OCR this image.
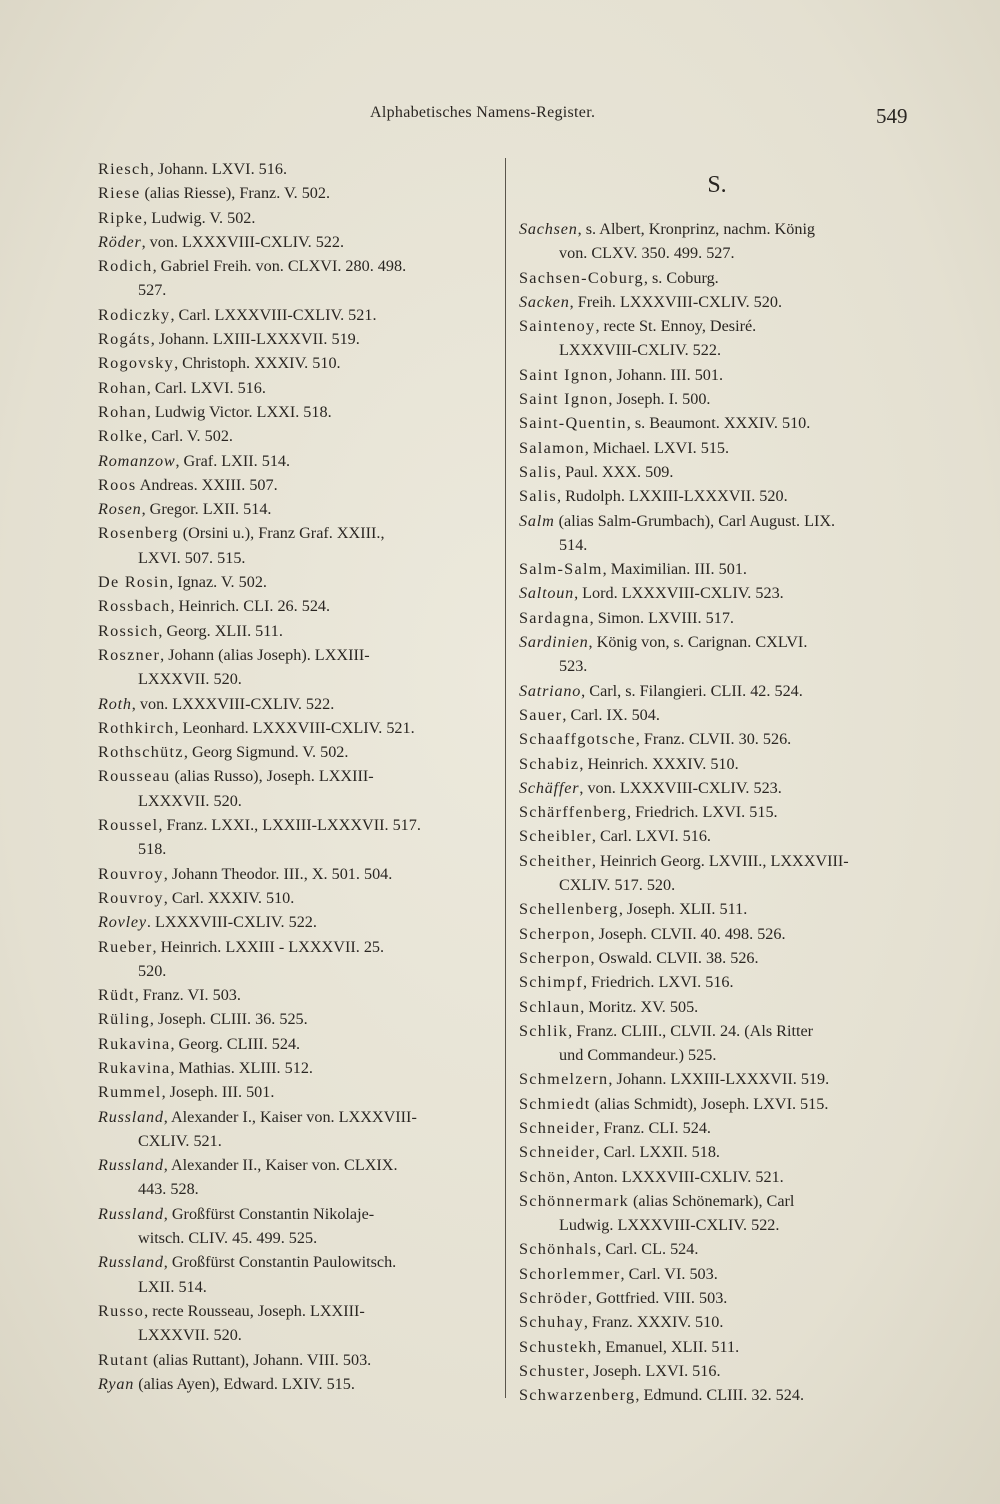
Alphabetisches Namens-Register.	549
Riesch, Johann. LXVI. 516.
Riese (alias Riesse), Franz. V. 502.
Ripke, Ludwig. V. 502.
Röder, von. LXXXVIII-CXLIV. 522.
Rodich, Gabriel Freih. von. CLXVI. 280. 498.
527.
Rodiczky, Carl. LXXXVIII-CXLIV. 521.
Rogáts, Johann. LXIII-LXXXVII. 519.
Rogovsky, Christoph. XXXIV. 510.
Rohan, Carl. LXVI. 516.
Rohan, Ludwig Victor. LXXI. 518.
Rolke, Carl. V. 502.
Romanzow, Graf. LXII. 514.
Roos Andreas. XXIII. 507.
Rosen, Gregor. LXII. 514.
Rosenberg (Orsini u.), Franz Graf. XXIII.,
LXVI. 507. 515.
De Rosin, Ignaz. V. 502.
Rossbach, Heinrich. CLI. 26. 524.
Rossich, Georg. XLII. 511.
Roszner, Johann (alias Joseph). LXXIII-
LXXXVII. 520.
Roth, von. LXXXVIII-CXLIV. 522.
Rothkirch, Leonhard. LXXXVIII-CXLIV. 521.
Rothschütz, Georg Sigmund. V. 502.
Rousseau (alias Russo), Joseph. LXXIII-
LXXXVII. 520.
Roussel, Franz. LXXI., LXXIII-LXXXVII. 517.
518.
Rouvroy, Johann Theodor. III., X. 501. 504.
Rouvroy, Carl. XXXIV. 510.
Rovley. LXXXVIII-CXLIV. 522.
Rueber, Heinrich. LXXIII - LXXXVII. 25.
520.
Rüdt, Franz. VI. 503.
Rüling, Joseph. CLIII. 36. 525.
Rukavina, Georg. CLIII. 524.
Rukavina, Mathias. XLIII. 512.
Rummel, Joseph. III. 501.
Russland, Alexander I., Kaiser von. LXXXVIII-
CXLIV. 521.
Russland, Alexander II., Kaiser von. CLXIX.
443. 528.
Russland, Großfürst Constantin Nikolaje-
witsch. CLIV. 45. 499. 525.
Russland, Großfürst Constantin Paulowitsch.
LXII. 514.
Russo, recte Rousseau, Joseph. LXXIII-
LXXXVII. 520.
Rutant (alias Ruttant), Johann. VIII. 503.
Ryan (alias Ayen), Edward. LXIV. 515.
S.
Sachsen, s. Albert, Kronprinz, nachm. König
von. CLXV. 350. 499. 527.
Sachsen-Coburg, s. Coburg.
Sacken, Freih. LXXXVIII-CXLIV. 520.
Saintenoy, recte St. Ennoy, Desiré.
LXXXVIII-CXLIV. 522.
Saint Ignon, Johann. III. 501.
Saint Ignon, Joseph. I. 500.
Saint-Quentin, s. Beaumont. XXXIV. 510.
Salamon, Michael. LXVI. 515.
Salis, Paul. XXX. 509.
Salis, Rudolph. LXXIII-LXXXVII. 520.
Salm (alias Salm-Grumbach), Carl August. LIX.
514.
Salm-Salm, Maximilian. III. 501.
Saltoun, Lord. LXXXVIII-CXLIV. 523.
Sardagna, Simon. LXVIII. 517.
Sardinien, König von, s. Carignan. CXLVI.
523.
Satriano, Carl, s. Filangieri. CLII. 42. 524.
Sauer, Carl. IX. 504.
Schaaffgotsche, Franz. CLVII. 30. 526.
Schabiz, Heinrich. XXXIV. 510.
Schäffer, von. LXXXVIII-CXLIV. 523.
Schärffenberg, Friedrich. LXVI. 515.
Scheibler, Carl. LXVI. 516.
Scheither, Heinrich Georg. LXVIII., LXXXVIII-
CXLIV. 517. 520.
Schellenberg, Joseph. XLII. 511.
Scherpon, Joseph. CLVII. 40. 498. 526.
Scherpon, Oswald. CLVII. 38. 526.
Schimpf, Friedrich. LXVI. 516.
Schlaun, Moritz. XV. 505.
Schlik, Franz. CLIII., CLVII. 24. (Als Ritter
und Commandeur.) 525.
Schmelzern, Johann. LXXIII-LXXXVII. 519.
Schmiedt (alias Schmidt), Joseph. LXVI. 515.
Schneider, Franz. CLI. 524.
Schneider, Carl. LXXII. 518.
Schön, Anton. LXXXVIII-CXLIV. 521.
Schönnermark (alias Schönemark), Carl
Ludwig. LXXXVIII-CXLIV. 522.
Schönhals, Carl. CL. 524.
Schorlemmer, Carl. VI. 503.
Schröder, Gottfried. VIII. 503.
Schuhay, Franz. XXXIV. 510.
Schustekh, Emanuel, XLII. 511.
Schuster, Joseph. LXVI. 516.
Schwarzenberg, Edmund. CLIII. 32. 524.
